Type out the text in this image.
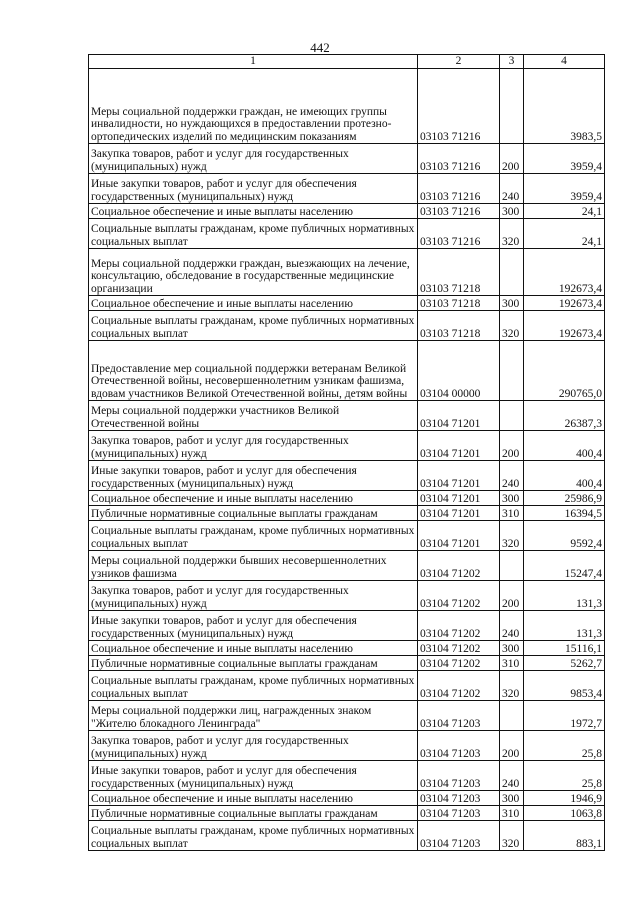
442
1	2	3	4
Меры социальной поддержки граждан, не имеющих группы инвалидности, но нуждающихся в предоставлении протезно-ортопедических изделий по медицинским показаниям	03103 71216		3983,5
Закупка товаров, работ и услуг для государственных (муниципальных) нужд	03103 71216	200	3959,4
Иные закупки товаров, работ и услуг для обеспечения государственных (муниципальных) нужд	03103 71216	240	3959,4
Социальное обеспечение и иные выплаты населению	03103 71216	300	24,1
Социальные выплаты гражданам, кроме публичных нормативных социальных выплат	03103 71216	320	24,1
Меры социальной поддержки граждан, выезжающих на лечение, консультацию, обследование в государственные медицинские организации	03103 71218		192673,4
Социальное обеспечение и иные выплаты населению	03103 71218	300	192673,4
Социальные выплаты гражданам, кроме публичных нормативных социальных выплат	03103 71218	320	192673,4
Предоставление мер социальной поддержки ветеранам Великой Отечественной войны, несовершеннолетним узникам фашизма, вдовам участников Великой Отечественной войны, детям войны	03104 00000		290765,0
Меры социальной поддержки участников Великой Отечественной войны	03104 71201		26387,3
Закупка товаров, работ и услуг для государственных (муниципальных) нужд	03104 71201	200	400,4
Иные закупки товаров, работ и услуг для обеспечения государственных (муниципальных) нужд	03104 71201	240	400,4
Социальное обеспечение и иные выплаты населению	03104 71201	300	25986,9
Публичные нормативные социальные выплаты гражданам	03104 71201	310	16394,5
Социальные выплаты гражданам, кроме публичных нормативных социальных выплат	03104 71201	320	9592,4
Меры социальной поддержки бывших несовершеннолетних узников фашизма	03104 71202		15247,4
Закупка товаров, работ и услуг для государственных (муниципальных) нужд	03104 71202	200	131,3
Иные закупки товаров, работ и услуг для обеспечения государственных (муниципальных) нужд	03104 71202	240	131,3
Социальное обеспечение и иные выплаты населению	03104 71202	300	15116,1
Публичные нормативные социальные выплаты гражданам	03104 71202	310	5262,7
Социальные выплаты гражданам, кроме публичных нормативных социальных выплат	03104 71202	320	9853,4
Меры социальной поддержки лиц, награжденных знаком "Жителю блокадного Ленинграда"	03104 71203		1972,7
Закупка товаров, работ и услуг для государственных (муниципальных) нужд	03104 71203	200	25,8
Иные закупки товаров, работ и услуг для обеспечения государственных (муниципальных) нужд	03104 71203	240	25,8
Социальное обеспечение и иные выплаты населению	03104 71203	300	1946,9
Публичные нормативные социальные выплаты гражданам	03104 71203	310	1063,8
Социальные выплаты гражданам, кроме публичных нормативных социальных выплат	03104 71203	320	883,1
